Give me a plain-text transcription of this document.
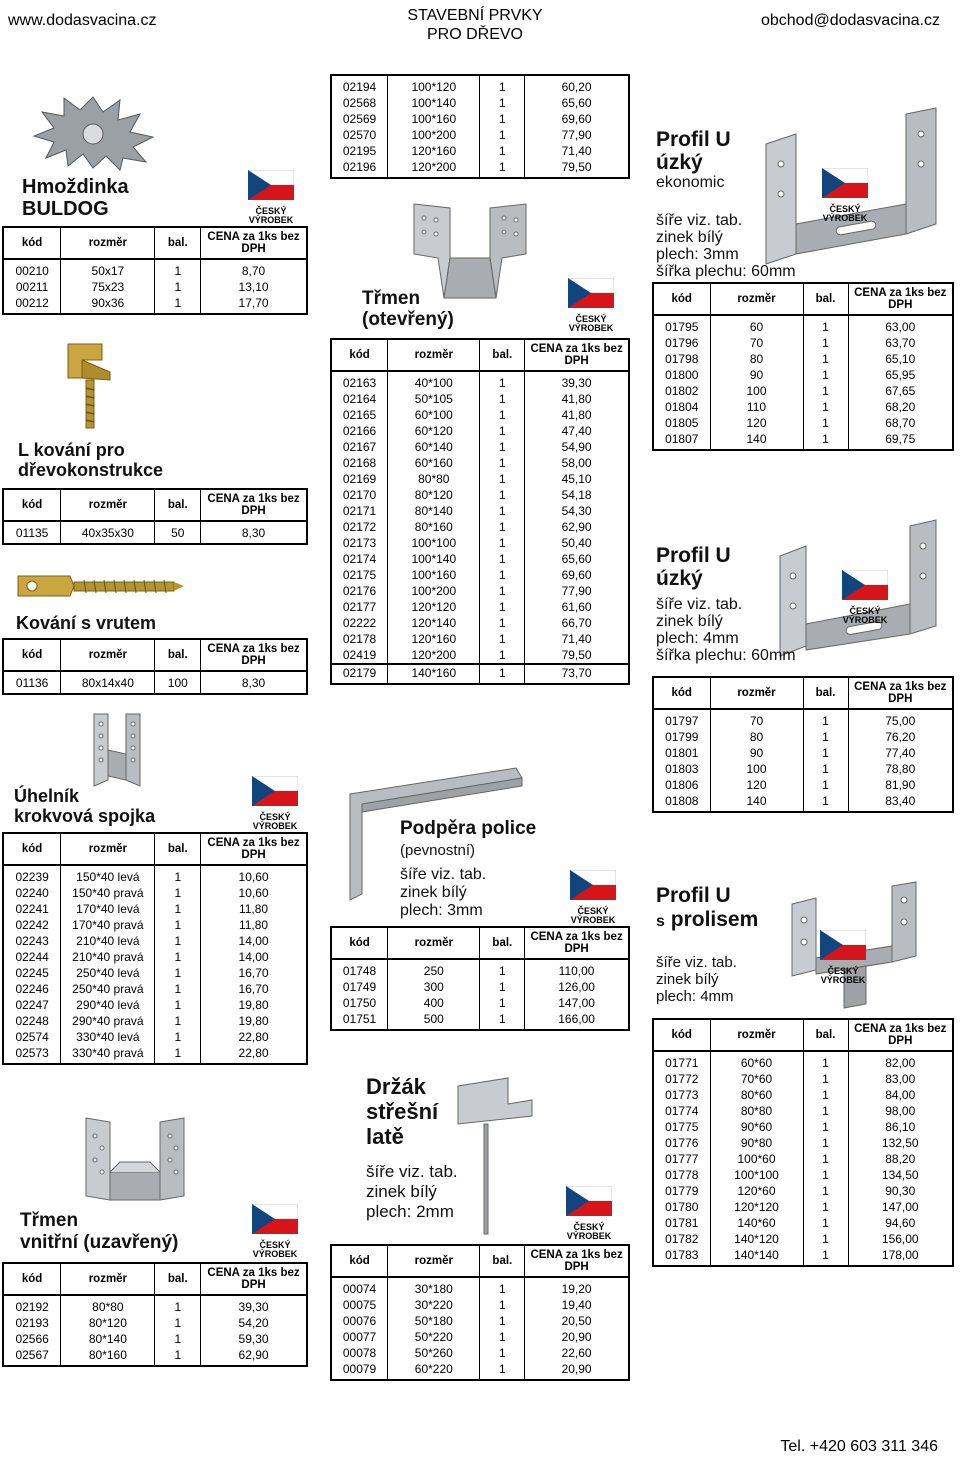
www.dodasvacina.cz	STAVEBNÍ PRVKY
PRO DŘEVO
obchod@dodasvacina.cz
Hmoždinka
BULDOG	ČESKÝ
VÝROBEK
kód	rozměr	bal.	CENA za 1ks bez DPH
00210	50x17	1	8,70
00211	75x23	1	13,10
00212	90x36	1	17,70
L kování pro
dřevokonstrukce
kód	rozměr	bal.	CENA za 1ks bez DPH
01135	40x35x30	50	8,30
Kování s vrutem
kód	rozměr	bal.	CENA za 1ks bez DPH
01136	80x14x40	100	8,30
Úhelník
krokvová spojka	ČESKÝ
VÝROBEK
kód	rozměr	bal.	CENA za 1ks bez DPH
02239	150*40 levá	1	10,60
02240	150*40 pravá	1	10,60
02241	170*40 levá	1	11,80
02242	170*40 pravá	1	11,80
02243	210*40 levá	1	14,00
02244	210*40 pravá	1	14,00
02245	250*40 levá	1	16,70
02246	250*40 pravá	1	16,70
02247	290*40 levá	1	19,80
02248	290*40 pravá	1	19,80
02574	330*40 levá	1	22,80
02573	330*40 pravá	1	22,80
Třmen
vnitřní (uzavřený)	ČESKÝ
VÝROBEK
kód	rozměr	bal.	CENA za 1ks bez DPH
02192	80*80	1	39,30
02193	80*120	1	54,20
02566	80*140	1	59,30
02567	80*160	1	62,90
02194	100*120	1	60,20
02568	100*140	1	65,60
02569	100*160	1	69,60
02570	100*200	1	77,90
02195	120*160	1	71,40
02196	120*200	1	79,50
Třmen
(otevřený)	ČESKÝ
VÝROBEK
kód	rozměr	bal.	CENA za 1ks bez DPH
02163	40*100	1	39,30
02164	50*105	1	41,80
02165	60*100	1	41,80
02166	60*120	1	47,40
02167	60*140	1	54,90
02168	60*160	1	58,00
02169	80*80	1	45,10
02170	80*120	1	54,18
02171	80*140	1	54,30
02172	80*160	1	62,90
02173	100*100	1	50,40
02174	100*140	1	65,60
02175	100*160	1	69,60
02176	100*200	1	77,90
02177	120*120	1	61,60
02222	120*140	1	66,70
02178	120*160	1	71,40
02419	120*200	1	79,50
02179	140*160	1	73,70
Podpěra police
(pevnostní)
šíře viz. tab.
zinek bílý
plech: 3mm	ČESKÝ
VÝROBEK
kód	rozměr	bal.	CENA za 1ks bez DPH
01748	250	1	110,00
01749	300	1	126,00
01750	400	1	147,00
01751	500	1	166,00
Držák
střešní
latě
šíře viz. tab.
zinek bílý
plech: 2mm
ČESKÝ
VÝROBEK
kód	rozměr	bal.	CENA za 1ks bez DPH
00074	30*180	1	19,20
00075	30*220	1	19,40
00076	50*180	1	20,50
00077	50*220	1	20,90
00078	50*260	1	22,60
00079	60*220	1	20,90
Profil U
úzký
ekonomic
ČESKÝ
VÝROBEK
šíře viz. tab.
zinek bílý
plech: 3mm
šířka plechu: 60mm
kód	rozměr	bal.	CENA za 1ks bez DPH
01795	60	1	63,00
01796	70	1	63,70
01798	80	1	65,10
01800	90	1	65,95
01802	100	1	67,65
01804	110	1	68,20
01805	120	1	68,70
01807	140	1	69,75
Profil U
úzký
ČESKÝ
VÝROBEK
šíře viz. tab.
zinek bílý
plech: 4mm
šířka plechu: 60mm
kód	rozměr	bal.	CENA za 1ks bez DPH
01797	70	1	75,00
01799	80	1	76,20
01801	90	1	77,40
01803	100	1	78,80
01806	120	1	81,90
01808	140	1	83,40
Profil U
s prolisem
ČESKÝ
VÝROBEK
šíře viz. tab.
zinek bílý
plech: 4mm
kód	rozměr	bal.	CENA za 1ks bez DPH
01771	60*60	1	82,00
01772	70*60	1	83,00
01773	80*60	1	84,00
01774	80*80	1	98,00
01775	90*60	1	86,10
01776	90*80	1	132,50
01777	100*60	1	88,20
01778	100*100	1	134,50
01779	120*60	1	90,30
01780	120*120	1	147,00
01781	140*60	1	94,60
01782	140*120	1	156,00
01783	140*140	1	178,00
Tel. +420 603 311 346
